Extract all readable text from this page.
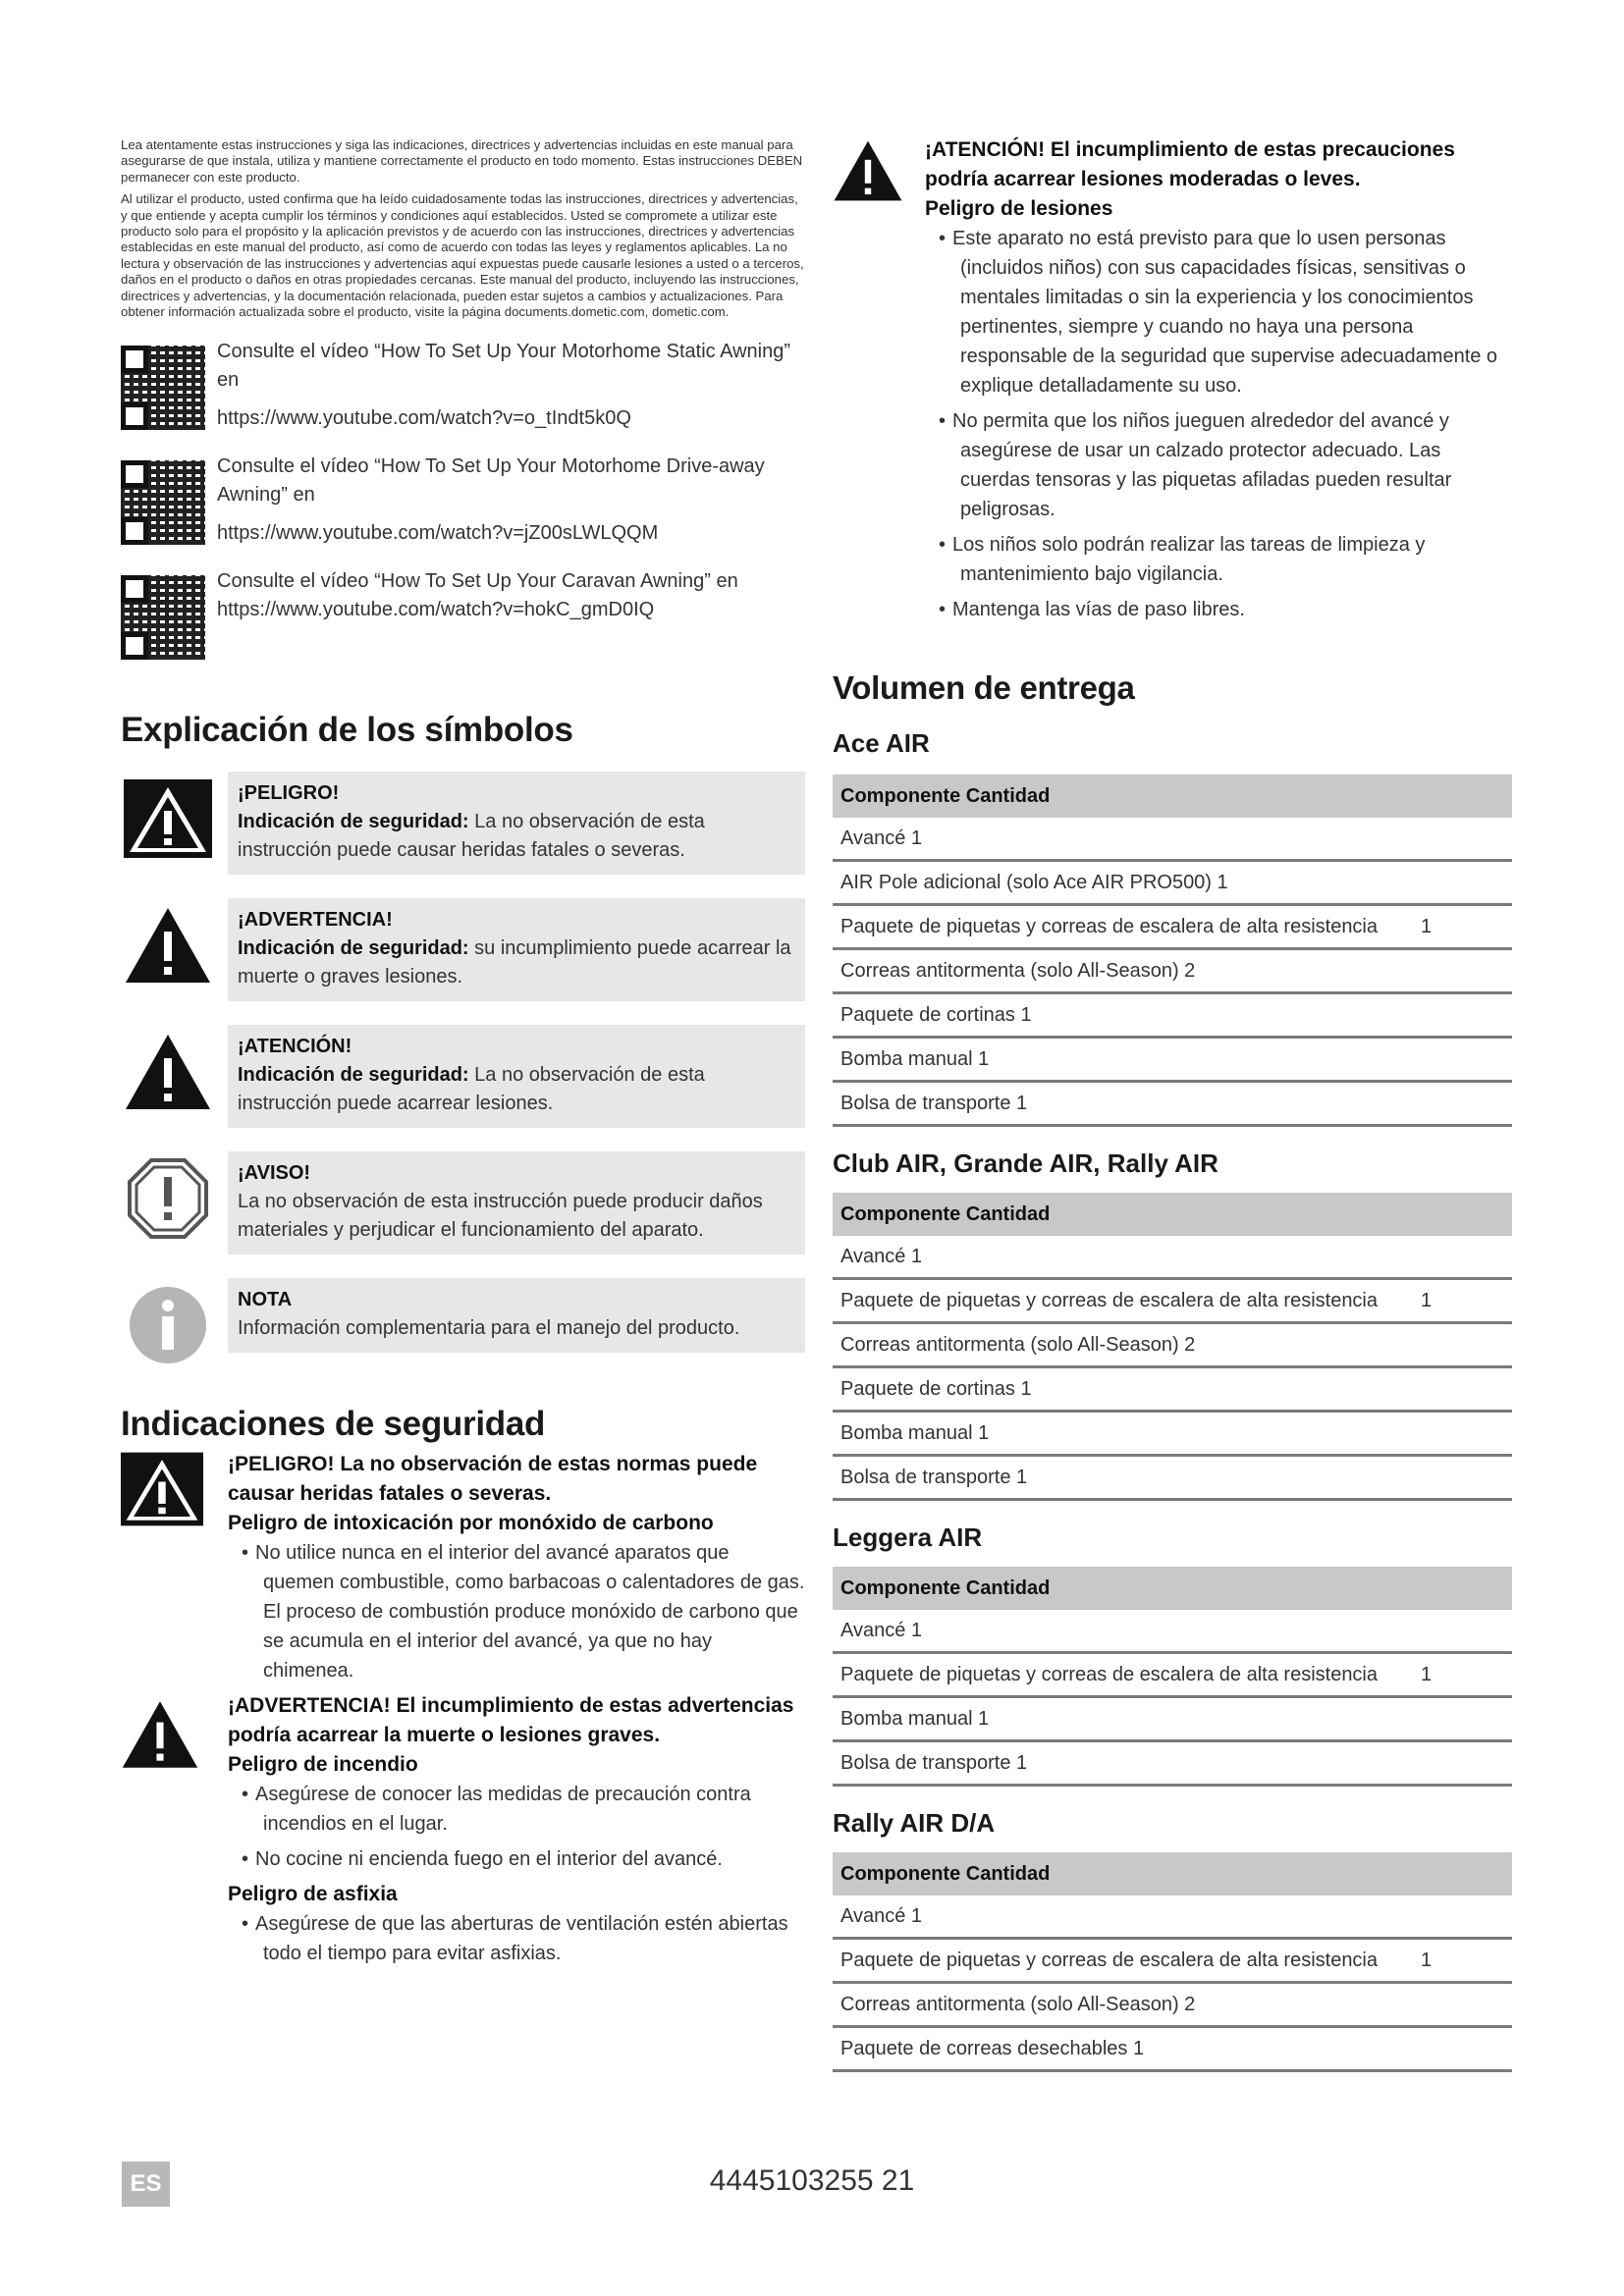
Lea atentamente estas instrucciones y siga las indicaciones, directrices y advertencias incluidas en este manual para asegurarse de que instala, utiliza y mantiene correctamente el producto en todo momento. Estas instrucciones DEBEN permanecer con este producto.

Al utilizar el producto, usted confirma que ha leído cuidadosamente todas las instrucciones, directrices y advertencias, y que entiende y acepta cumplir los términos y condiciones aquí establecidos. Usted se compromete a utilizar este producto solo para el propósito y la aplicación previstos y de acuerdo con las instrucciones, directrices y advertencias establecidas en este manual del producto, así como de acuerdo con todas las leyes y reglamentos aplicables. La no lectura y observación de las instrucciones y advertencias aquí expuestas puede causarle lesiones a usted o a terceros, daños en el producto o daños en otras propiedades cercanas. Este manual del producto, incluyendo las instrucciones, directrices y advertencias, y la documentación relacionada, pueden estar sujetos a cambios y actualizaciones. Para obtener información actualizada sobre el producto, visite la página documents.dometic.com, dometic.com.

Consulte el vídeo “How To Set Up Your Motorhome Static Awning” en
https://www.youtube.com/watch?v=o_tIndt5k0Q
Consulte el vídeo “How To Set Up Your Motorhome Drive-away Awning” en
https://www.youtube.com/watch?v=jZ00sLWLQQM
Consulte el vídeo “How To Set Up Your Caravan Awning” en
https://www.youtube.com/watch?v=hokC_gmD0IQ
Explicación de los símbolos
¡PELIGRO!
Indicación de seguridad: La no observación de esta instrucción puede causar heridas fatales o severas.
¡ADVERTENCIA!
Indicación de seguridad: su incumplimiento puede acarrear la muerte o graves lesiones.
¡ATENCIÓN!
Indicación de seguridad: La no observación de esta instrucción puede acarrear lesiones.
¡AVISO!
La no observación de esta instrucción puede producir daños materiales y perjudicar el funcionamiento del aparato.
NOTA
Información complementaria para el manejo del producto.
Indicaciones de seguridad
¡PELIGRO! La no observación de estas normas puede causar heridas fatales o severas.
Peligro de intoxicación por monóxido de carbono
• No utilice nunca en el interior del avancé aparatos que quemen combustible, como barbacoas o calentadores de gas. El proceso de combustión produce monóxido de carbono que se acumula en el interior del avancé, ya que no hay chimenea.
¡ADVERTENCIA! El incumplimiento de estas advertencias podría acarrear la muerte o lesiones graves.
Peligro de incendio
• Asegúrese de conocer las medidas de precaución contra incendios en el lugar.
• No cocine ni encienda fuego en el interior del avancé.
Peligro de asfixia
• Asegúrese de que las aberturas de ventilación estén abiertas todo el tiempo para evitar asfixias.
¡ATENCIÓN! El incumplimiento de estas precauciones podría acarrear lesiones moderadas o leves.
Peligro de lesiones
• Este aparato no está previsto para que lo usen personas (incluidos niños) con sus capacidades físicas, sensitivas o mentales limitadas o sin la experiencia y los conocimientos pertinentes, siempre y cuando no haya una persona responsable de la seguridad que supervise adecuadamente o explique detalladamente su uso.
• No permita que los niños jueguen alrededor del avancé y asegúrese de usar un calzado protector adecuado. Las cuerdas tensoras y las piquetas afiladas pueden resultar peligrosas.
• Los niños solo podrán realizar las tareas de limpieza y mantenimiento bajo vigilancia.
• Mantenga las vías de paso libres.
Volumen de entrega
Ace AIR
Componente Cantidad	
Avancé 1	
AIR Pole adicional (solo Ace AIR PRO500) 1	
Paquete de piquetas y correas de escalera de alta resistencia	1
Correas antitormenta (solo All-Season) 2	
Paquete de cortinas 1	
Bomba manual 1	
Bolsa de transporte 1	
Club AIR, Grande AIR, Rally AIR
Componente Cantidad	
Avancé 1	
Paquete de piquetas y correas de escalera de alta resistencia	1
Correas antitormenta (solo All-Season) 2	
Paquete de cortinas 1	
Bomba manual 1	
Bolsa de transporte 1	
Leggera AIR
Componente Cantidad	
Avancé 1	
Paquete de piquetas y correas de escalera de alta resistencia	1
Bomba manual 1	
Bolsa de transporte 1	
Rally AIR D/A
Componente Cantidad	
Avancé 1	
Paquete de piquetas y correas de escalera de alta resistencia	1
Correas antitormenta (solo All-Season) 2	
Paquete de correas desechables 1	
ES	4445103255 21
